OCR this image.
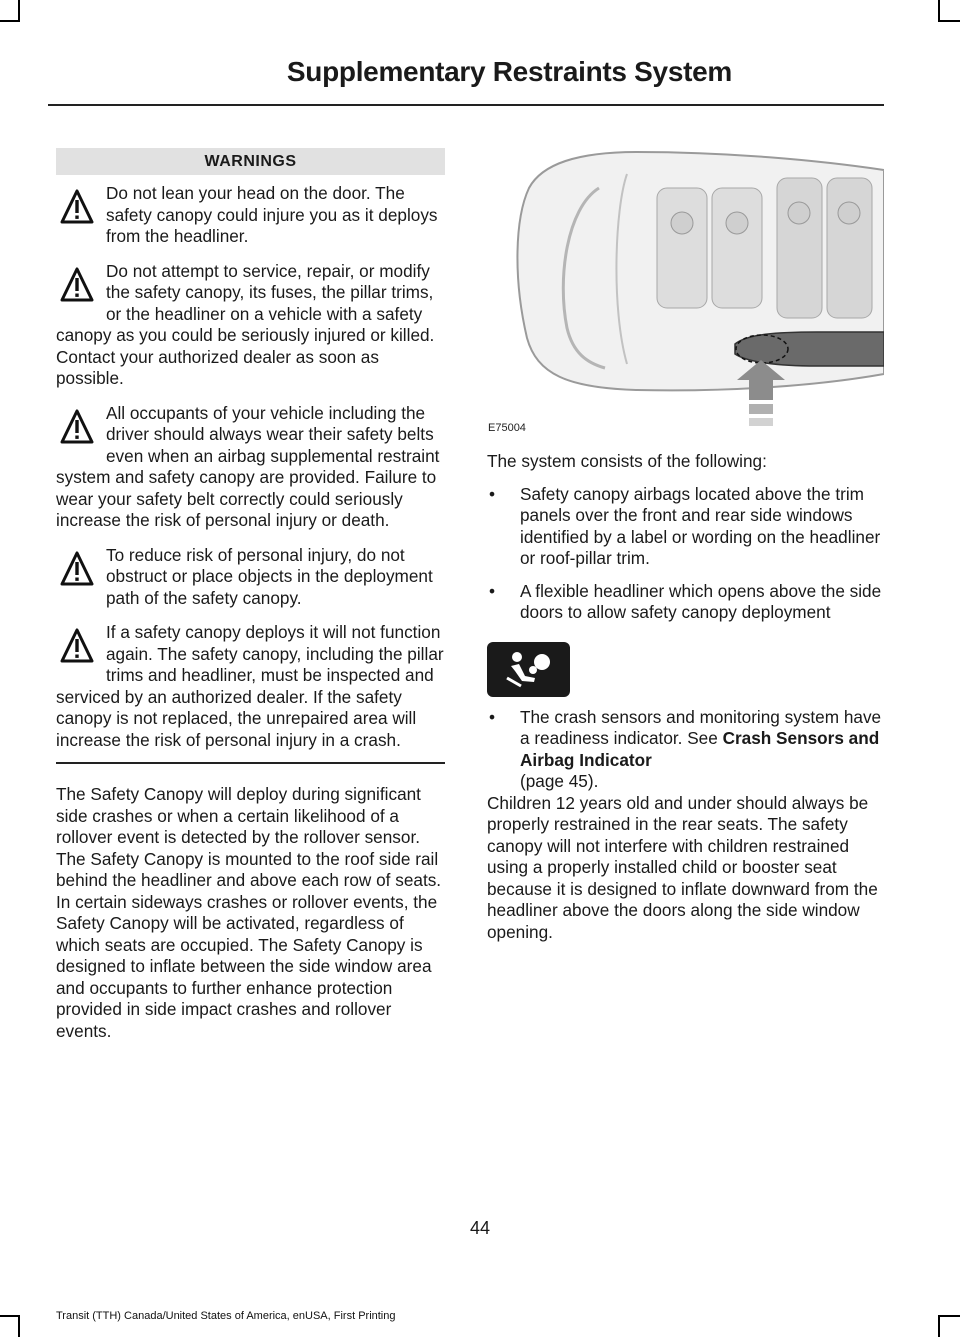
Supplementary Restraints System
WARNINGS

Do not lean your head on the door. The safety canopy could injure you as it deploys from the headliner.

Do not attempt to service, repair, or modify the safety canopy, its fuses, the pillar trims, or the headliner on a vehicle with a safety canopy as you could be seriously injured or killed. Contact your authorized dealer as soon as possible.

All occupants of your vehicle including the driver should always wear their safety belts even when an airbag supplemental restraint system and safety canopy are provided. Failure to wear your safety belt correctly could seriously increase the risk of personal injury or death.

To reduce risk of personal injury, do not obstruct or place objects in the deployment path of the safety canopy.

If a safety canopy deploys it will not function again. The safety canopy, including the pillar trims and headliner, must be inspected and serviced by an authorized dealer. If the safety canopy is not replaced, the unrepaired area will increase the risk of personal injury in a crash.

The Safety Canopy will deploy during significant side crashes or when a certain likelihood of a rollover event is detected by the rollover sensor. The Safety Canopy is mounted to the roof side rail behind the headliner and above each row of seats. In certain sideways crashes or rollover events, the Safety Canopy will be activated, regardless of which seats are occupied. The Safety Canopy is designed to inflate between the side window area and occupants to further enhance protection provided in side impact crashes and rollover events.

E75004

The system consists of the following:

• Safety canopy airbags located above the trim panels over the front and rear side windows identified by a label or wording on the headliner or roof-pillar trim.
• A flexible headliner which opens above the side doors to allow safety canopy deployment
• The crash sensors and monitoring system have a readiness indicator. See Crash Sensors and Airbag Indicator
(page 45).

Children 12 years old and under should always be properly restrained in the rear seats. The safety canopy will not interfere with children restrained using a properly installed child or booster seat because it is designed to inflate downward from the headliner above the doors along the side window opening.

44
Transit (TTH) Canada/United States of America, enUSA, First Printing
